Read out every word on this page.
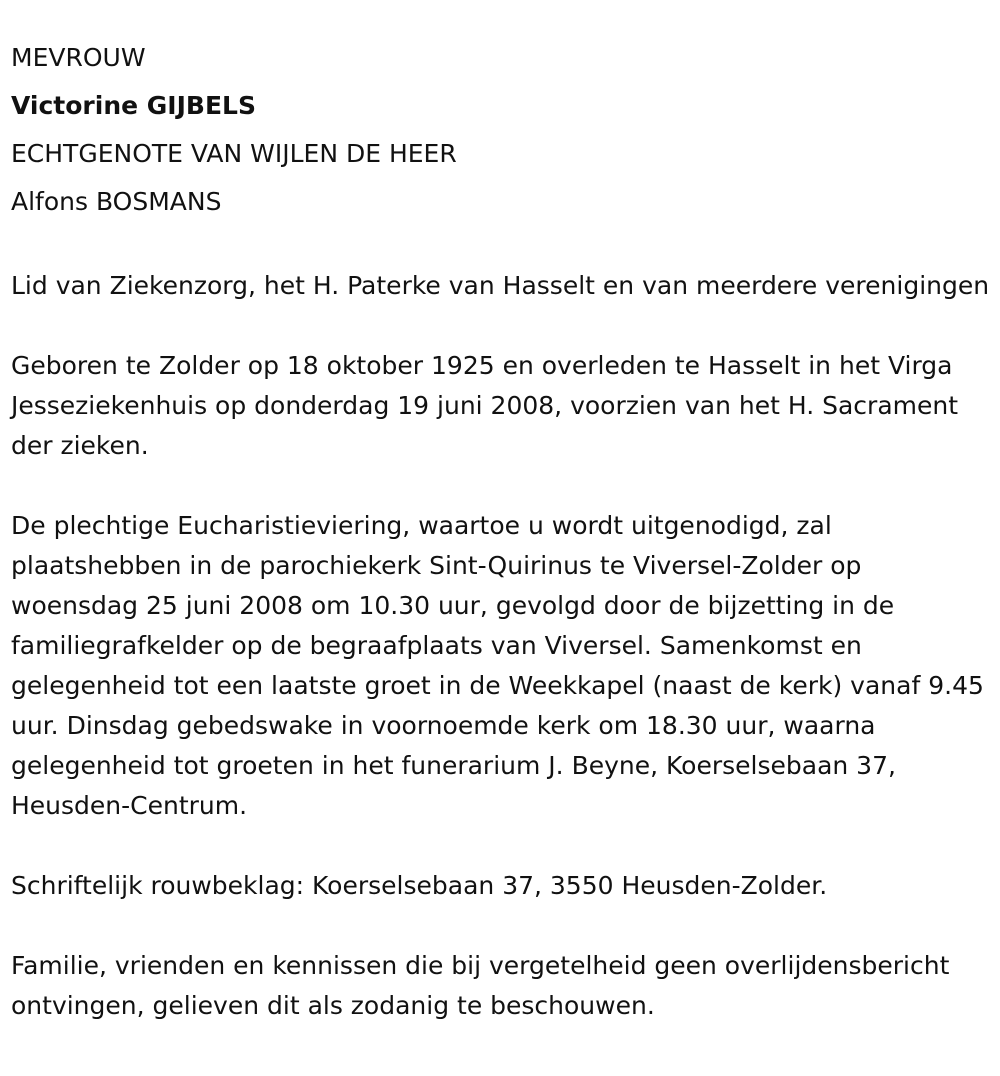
MEVROUW

Victorine GIJBELS

ECHTGENOTE VAN WIJLEN DE HEER

Alfons BOSMANS

Lid van Ziekenzorg, het H. Paterke van Hasselt en van meerdere verenigingen

Geboren te Zolder op 18 oktober 1925 en overleden te Hasselt in het Virga Jesseziekenhuis op donderdag 19 juni 2008, voorzien van het H. Sacrament der zieken.

De plechtige Eucharistieviering, waartoe u wordt uitgenodigd, zal plaatshebben in de parochiekerk Sint-Quirinus te Viversel-Zolder op woensdag 25 juni 2008 om 10.30 uur, gevolgd door de bijzetting in de familiegrafkelder op de begraafplaats van Viversel. Samenkomst en gelegenheid tot een laatste groet in de Weekkapel (naast de kerk) vanaf 9.45 uur. Dinsdag gebedswake in voornoemde kerk om 18.30 uur, waarna gelegenheid tot groeten in het funerarium J. Beyne, Koerselsebaan 37, Heusden-Centrum.

Schriftelijk rouwbeklag: Koerselsebaan 37, 3550 Heusden-Zolder.

Familie, vrienden en kennissen die bij vergetelheid geen overlijdensbericht ontvingen, gelieven dit als zodanig te beschouwen.
